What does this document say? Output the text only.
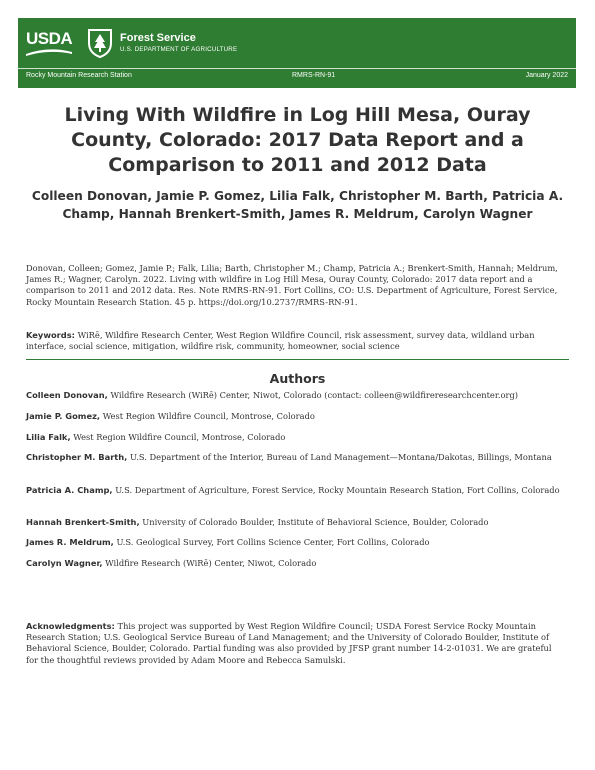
USDA	Forest Service
U.S. DEPARTMENT OF AGRICULTURE
Rocky Mountain Research Station	RMRS-RN-91	January 2022
Living With Wildfire in Log Hill Mesa, Ouray County, Colorado: 2017 Data Report and a Comparison to 2011 and 2012 Data
Colleen Donovan, Jamie P. Gomez, Lilia Falk, Christopher M. Barth, Patricia A. Champ, Hannah Brenkert-Smith, James R. Meldrum, Carolyn Wagner

Donovan, Colleen; Gomez, Jamie P.; Falk, Lilia; Barth, Christopher M.; Champ, Patricia A.; Brenkert-Smith, Hannah; Meldrum, James R.; Wagner, Carolyn. 2022. Living with wildfire in Log Hill Mesa, Ouray County, Colorado: 2017 data report and a comparison to 2011 and 2012 data. Res. Note RMRS-RN-91. Fort Collins, CO: U.S. Department of Agriculture, Forest Service, Rocky Mountain Research Station. 45 p. https://doi.org/10.2737/RMRS-RN-91.

Keywords: WiRē, Wildfire Research Center, West Region Wildfire Council, risk assessment, survey data, wildland urban interface, social science, mitigation, wildfire risk, community, homeowner, social science

Authors
Colleen Donovan, Wildfire Research (WiRē) Center, Niwot, Colorado (contact: colleen@wildfireresearchcenter.org)
Jamie P. Gomez, West Region Wildfire Council, Montrose, Colorado
Lilia Falk, West Region Wildfire Council, Montrose, Colorado
Christopher M. Barth, U.S. Department of the Interior, Bureau of Land Management—Montana/Dakotas, Billings, Montana
Patricia A. Champ, U.S. Department of Agriculture, Forest Service, Rocky Mountain Research Station, Fort Collins, Colorado
Hannah Brenkert-Smith, University of Colorado Boulder, Institute of Behavioral Science, Boulder, Colorado
James R. Meldrum, U.S. Geological Survey, Fort Collins Science Center, Fort Collins, Colorado
Carolyn Wagner, Wildfire Research (WiRē) Center, Niwot, Colorado

Acknowledgments: This project was supported by West Region Wildfire Council; USDA Forest Service Rocky Mountain Research Station; U.S. Geological Service Bureau of Land Management; and the University of Colorado Boulder, Institute of Behavioral Science, Boulder, Colorado. Partial funding was also provided by JFSP grant number 14-2-01031. We are grateful for the thoughtful reviews provided by Adam Moore and Rebecca Samulski.
